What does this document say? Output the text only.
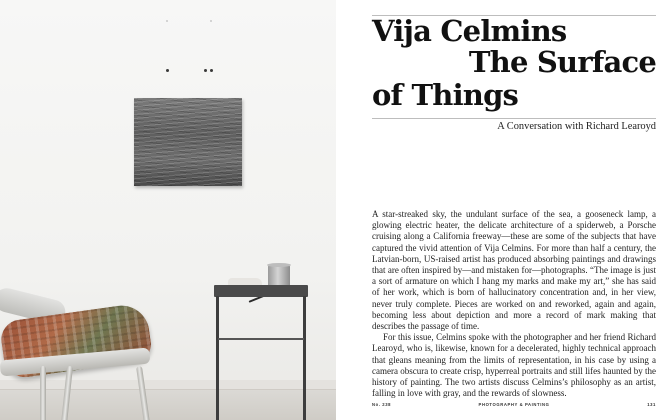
Vija Celmins
The Surface
of Things

A Conversation with Richard Learoyd

A star-streaked sky, the undulant surface of the sea, a gooseneck lamp, a glowing electric heater, the delicate architecture of a spiderweb, a Porsche cruising along a California freeway—these are some of the subjects that have captured the vivid attention of Vija Celmins. For more than half a century, the Latvian-born, US-raised artist has produced absorbing paintings and drawings that are often inspired by—and mistaken for—photographs. “The image is just a sort of armature on which I hang my marks and make my art,” she has said of her work, which is born of hallucinatory concentration and, in her view, never truly complete. Pieces are worked on and reworked, again and again, becoming less about depiction and more a record of mark making that describes the passage of time.

For this issue, Celmins spoke with the photographer and her friend Richard Learoyd, who is, likewise, known for a decelerated, highly technical approach that gleans meaning from the limits of representation, in his case by using a camera obscura to create crisp, hyperreal portraits and still lifes haunted by the history of painting. The two artists discuss Celmins’s philosophy as an artist, falling in love with gray, and the rewards of slowness.

No. 238	PHOTOGRAPHY & PAINTING	131
